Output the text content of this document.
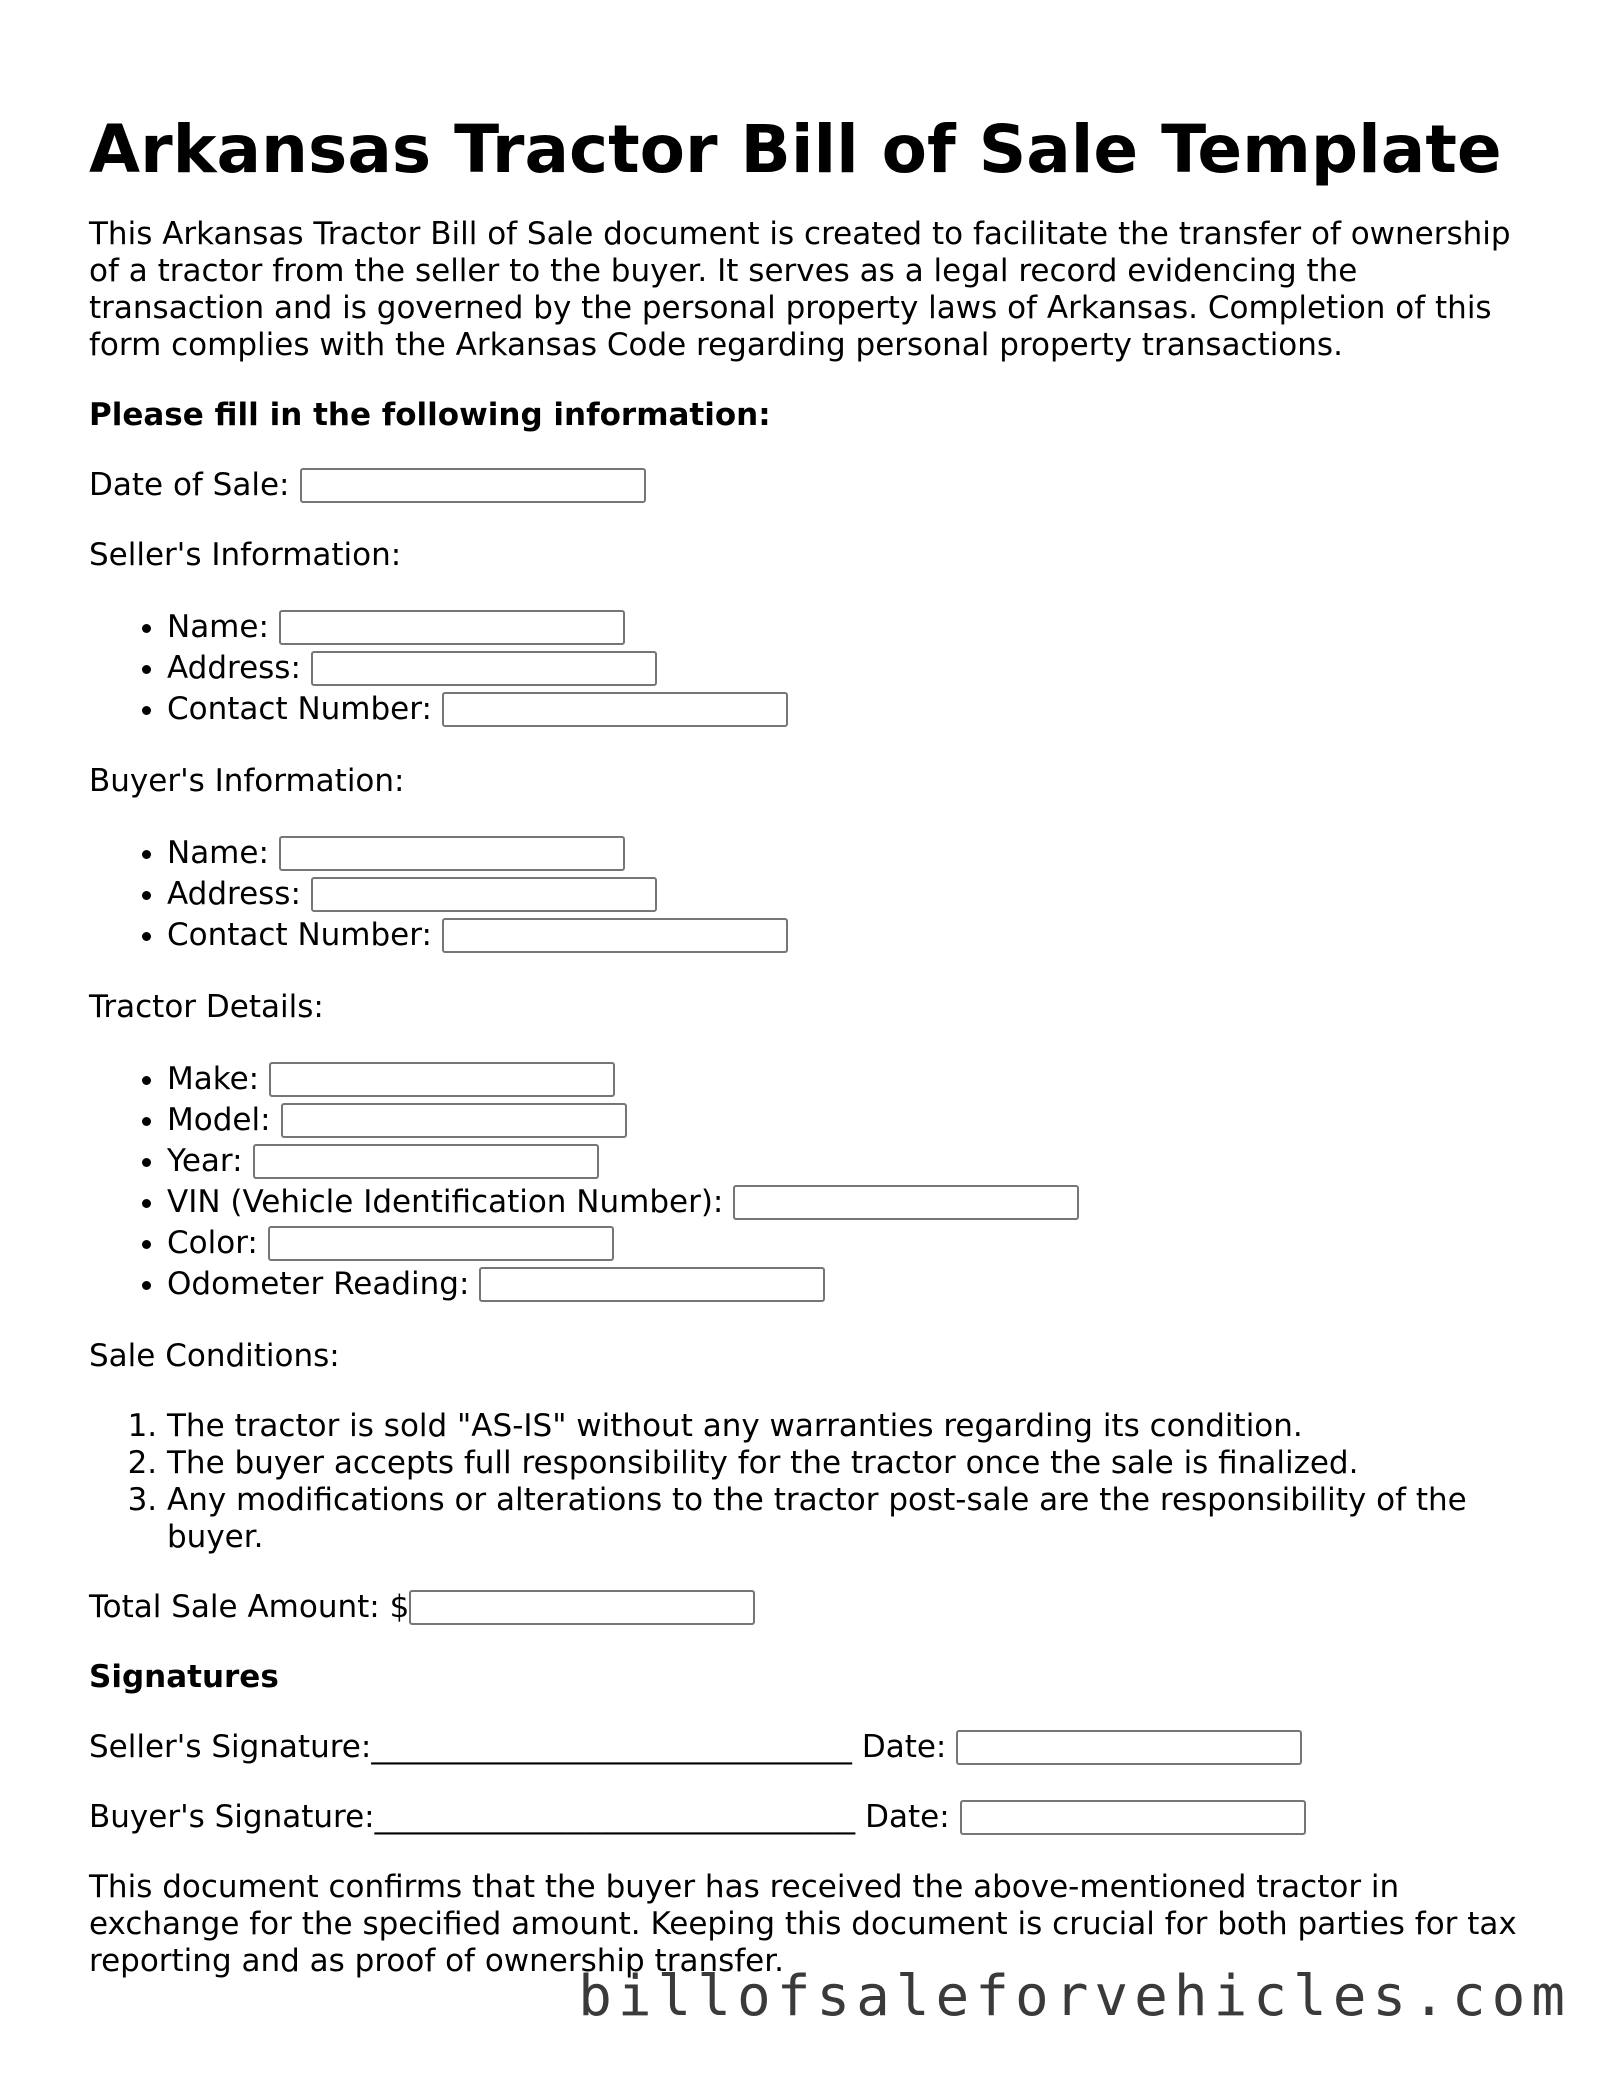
Arkansas Tractor Bill of Sale Template

This Arkansas Tractor Bill of Sale document is created to facilitate the transfer of ownership of a tractor from the seller to the buyer. It serves as a legal record evidencing the transaction and is governed by the personal property laws of Arkansas. Completion of this form complies with the Arkansas Code regarding personal property transactions.

Please fill in the following information:

Date of Sale:

Seller's Information:

• Name:
• Address:
• Contact Number:

Buyer's Information:

• Name:
• Address:
• Contact Number:

Tractor Details:

• Make:
• Model:
• Year:
• VIN (Vehicle Identification Number):
• Color:
• Odometer Reading:

Sale Conditions:

1. The tractor is sold "AS-IS" without any warranties regarding its condition.
2. The buyer accepts full responsibility for the tractor once the sale is finalized.
3. Any modifications or alterations to the tractor post-sale are the responsibility of the buyer.
Total Sale Amount: $

Signatures

Seller's Signature: _______________________________ Date:
Buyer's Signature: _______________________________ Date:

This document confirms that the buyer has received the above-mentioned tractor in exchange for the specified amount. Keeping this document is crucial for both parties for tax reporting and as proof of ownership transfer.

billofsaleforvehicles.com
